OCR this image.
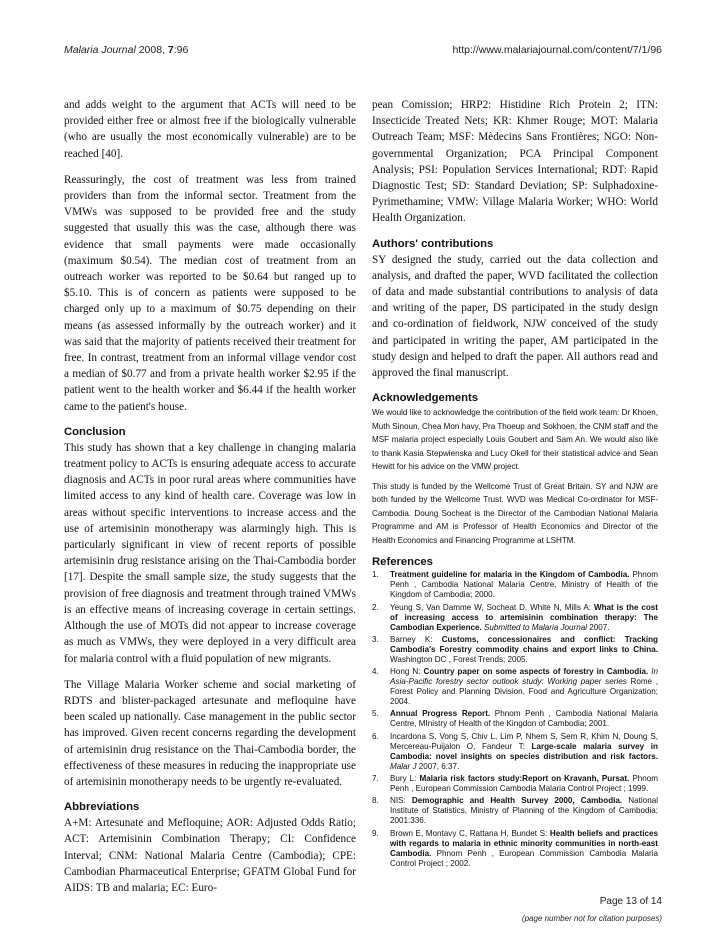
Malaria Journal 2008, 7:96	http://www.malariajournal.com/content/7/1/96

and adds weight to the argument that ACTs will need to be provided either free or almost free if the biologically vulnerable (who are usually the most economically vulnerable) are to be reached [40].

Reassuringly, the cost of treatment was less from trained providers than from the informal sector. Treatment from the VMWs was supposed to be provided free and the study suggested that usually this was the case, although there was evidence that small payments were made occasionally (maximum $0.54). The median cost of treatment from an outreach worker was reported to be $0.64 but ranged up to $5.10. This is of concern as patients were supposed to be charged only up to a maximum of $0.75 depending on their means (as assessed informally by the outreach worker) and it was said that the majority of patients received their treatment for free. In contrast, treatment from an informal village vendor cost a median of $0.77 and from a private health worker $2.95 if the patient went to the health worker and $6.44 if the health worker came to the patient's house.

Conclusion

This study has shown that a key challenge in changing malaria treatment policy to ACTs is ensuring adequate access to accurate diagnosis and ACTs in poor rural areas where communities have limited access to any kind of health care. Coverage was low in areas without specific interventions to increase access and the use of artemisinin monotherapy was alarmingly high. This is particularly significant in view of recent reports of possible artemisinin drug resistance arising on the Thai-Cambodia border [17]. Despite the small sample size, the study suggests that the provision of free diagnosis and treatment through trained VMWs is an effective means of increasing coverage in certain settings. Although the use of MOTs did not appear to increase coverage as much as VMWs, they were deployed in a very difficult area for malaria control with a fluid population of new migrants.

The Village Malaria Worker scheme and social marketing of RDTS and blister-packaged artesunate and mefloquine have been scaled up nationally. Case management in the public sector has improved. Given recent concerns regarding the development of artemisinin drug resistance on the Thai-Cambodia border, the effectiveness of these measures in reducing the inappropriate use of artemisinin monotherapy needs to be urgently re-evaluated.

Abbreviations

A+M: Artesunate and Mefloquine; AOR: Adjusted Odds Ratio; ACT: Artemisinin Combination Therapy; CI: Confidence Interval; CNM: National Malaria Centre (Cambodia); CPE: Cambodian Pharmaceutical Enterprise; GFATM Global Fund for AIDS: TB and malaria; EC: Euro-

pean Comission; HRP2: Histidine Rich Protein 2; ITN: Insecticide Treated Nets; KR: Khmer Rouge; MOT: Malaria Outreach Team; MSF: Mèdecins Sans Frontières; NGO: Non-governmental Organization; PCA Principal Component Analysis; PSI: Population Services International; RDT: Rapid Diagnostic Test; SD: Standard Deviation; SP: Sulphadoxine-Pyrimethamine; VMW: Village Malaria Worker; WHO: World Health Organization.

Authors' contributions

SY designed the study, carried out the data collection and analysis, and drafted the paper, WVD facilitated the collection of data and made substantial contributions to analysis of data and writing of the paper, DS participated in the study design and co-ordination of fieldwork, NJW conceived of the study and participated in writing the paper, AM participated in the study design and helped to draft the paper. All authors read and approved the final manuscript.

Acknowledgements

We would like to acknowledge the contribution of the field work team: Dr Khoen, Muth Sinoun, Chea Mon havy, Pra Thoeup and Sokhoen, the CNM staff and the MSF malaria project especially Louis Goubert and Sam An. We would also like to thank Kasia Stepwienska and Lucy Okell for their statistical advice and Sean Hewitt for his advice on the VMW project.

This study is funded by the Wellcome Trust of Great Britain. SY and NJW are both funded by the Wellcome Trust. WVD was Medical Co-ordinator for MSF-Cambodia. Doung Socheat is the Director of the Cambodian National Malaria Programme and AM is Professor of Health Economics and Director of the Health Economics and Financing Programme at LSHTM.

References
1. Treatment guideline for malaria in the Kingdom of Cambodia. Phnom Penh , Cambodia National Malaria Centre, Ministry of Health of the Kingdom of Cambodia; 2000.
2. Yeung S, Van Damme W, Socheat D, White N, Mills A: What is the cost of increasing access to artemisinin combination therapy: The Cambodian Experience. Submitted to Malaria Journal 2007.
3. Barney K: Customs, concessionaires and conflict: Tracking Cambodia's Forestry commodity chains and export links to China. Washington DC , Forest Trends; 2005.
4. Hong N: Country paper on some aspects of forestry in Cambodia. In Asia-Pacific forestry sector outlook study: Working paper series Rome , Forest Policy and Planning Division, Food and Agriculture Organization; 2004.
5. Annual Progress Report. Phnom Penh , Cambodia National Malaria Centre, MInistry of Health of the Kingdon of Cambodia; 2001.
6. Incardona S, Vong S, Chiv L, Lim P, Nhem S, Sem R, Khim N, Doung S, Mercereau-Puijalon O, Fandeur T: Large-scale malaria survey in Cambodia: novel insights on species distribution and risk factors. Malar J 2007, 6:37.
7. Bury L: Malaria risk factors study:Report on Kravanh, Pursat. Phnom Penh , European Commission Cambodia Malaria Control Project ; 1999.
8. NIS: Demographic and Health Survey 2000, Cambodia. National Institute of Statistics, Ministry of Planning of the Kingdom of Cambodia; 2001:336.
9. Brown E, Montavy C, Rattana H, Bundet S: Health beliefs and practices with regards to malaria in ethnic minority communities in north-east Cambodia. Phnom Penh , European Commission Cambodia Malaria Control Project ; 2002.
Page 13 of 14
(page number not for citation purposes)
